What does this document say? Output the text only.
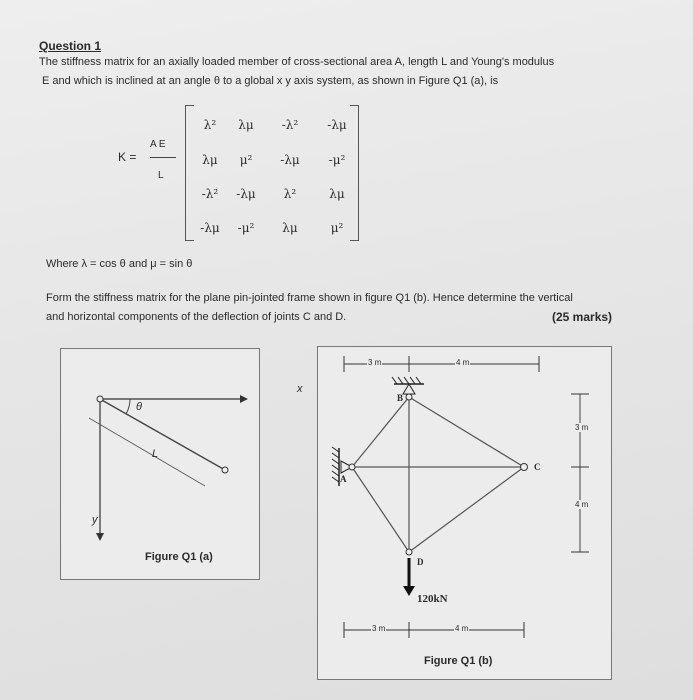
Question 1
The stiffness matrix for an axially loaded member of cross-sectional area A, length L and Young's modulus
E and which is inclined at an angle θ to a global x y axis system, as shown in Figure Q1 (a), is
K =
A E
L
λ²	λμ	-λ²	-λμ
λμ	μ²	-λμ	-μ²
-λ²	-λμ	λ²	λμ
-λμ	-μ²	λμ	μ²
Where λ = cos θ and μ = sin θ
Form the stiffness matrix for the plane pin-jointed frame shown in figure Q1 (b). Hence determine the vertical
and horizontal components of the deflection of joints C and D.	(25 marks)
x
y
θ
L
Figure Q1 (a)
3 m	4 m
3 m	4 m
3 m
4 m
A
B
C
D
120kN
Figure Q1 (b)
